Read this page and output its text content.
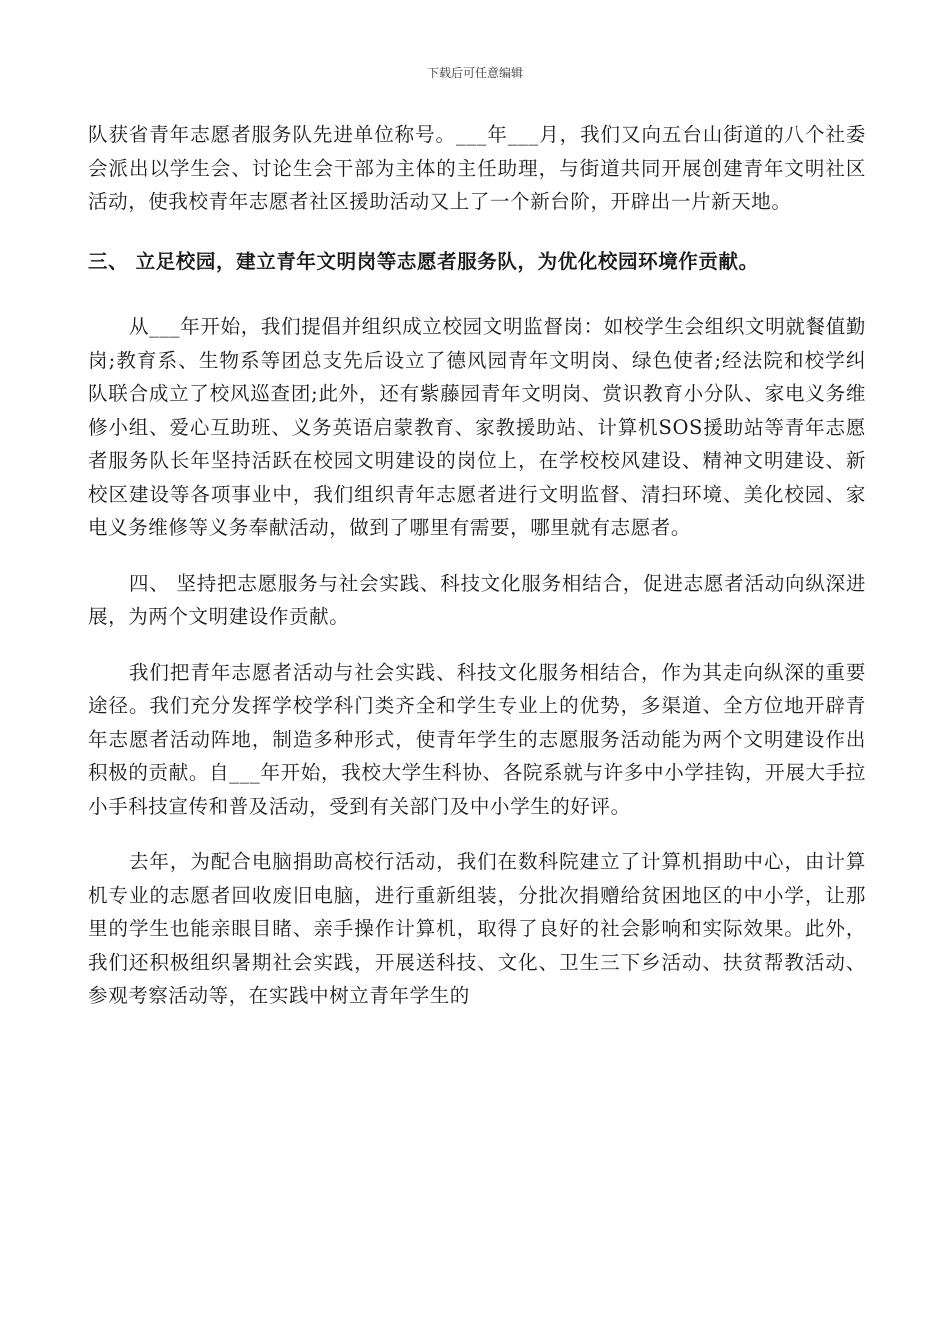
下载后可任意编辑

队获省青年志愿者服务队先进单位称号。___年___月，我们又向五台山街道的八个社委会派出以学生会、讨论生会干部为主体的主任助理，与街道共同开展创建青年文明社区活动，使我校青年志愿者社区援助活动又上了一个新台阶，开辟出一片新天地。

三、 立足校园，建立青年文明岗等志愿者服务队，为优化校园环境作贡献。

从___年开始，我们提倡并组织成立校园文明监督岗：如校学生会组织文明就餐值勤岗;教育系、生物系等团总支先后设立了德风园青年文明岗、绿色使者;经法院和校学纠队联合成立了校风巡查团;此外，还有紫藤园青年文明岗、赏识教育小分队、家电义务维修小组、爱心互助班、义务英语启蒙教育、家教援助站、计算机SOS援助站等青年志愿者服务队长年坚持活跃在校园文明建设的岗位上，在学校校风建设、精神文明建设、新校区建设等各项事业中，我们组织青年志愿者进行文明监督、清扫环境、美化校园、家电义务维修等义务奉献活动，做到了哪里有需要，哪里就有志愿者。

四、 坚持把志愿服务与社会实践、科技文化服务相结合，促进志愿者活动向纵深进展，为两个文明建设作贡献。

我们把青年志愿者活动与社会实践、科技文化服务相结合，作为其走向纵深的重要途径。我们充分发挥学校学科门类齐全和学生专业上的优势，多渠道、全方位地开辟青年志愿者活动阵地，制造多种形式，使青年学生的志愿服务活动能为两个文明建设作出积极的贡献。自___年开始，我校大学生科协、各院系就与许多中小学挂钩，开展大手拉小手科技宣传和普及活动，受到有关部门及中小学生的好评。

去年，为配合电脑捐助高校行活动，我们在数科院建立了计算机捐助中心，由计算机专业的志愿者回收废旧电脑，进行重新组装，分批次捐赠给贫困地区的中小学，让那里的学生也能亲眼目睹、亲手操作计算机，取得了良好的社会影响和实际效果。此外，我们还积极组织暑期社会实践，开展送科技、文化、卫生三下乡活动、扶贫帮教活动、参观考察活动等，在实践中树立青年学生的
